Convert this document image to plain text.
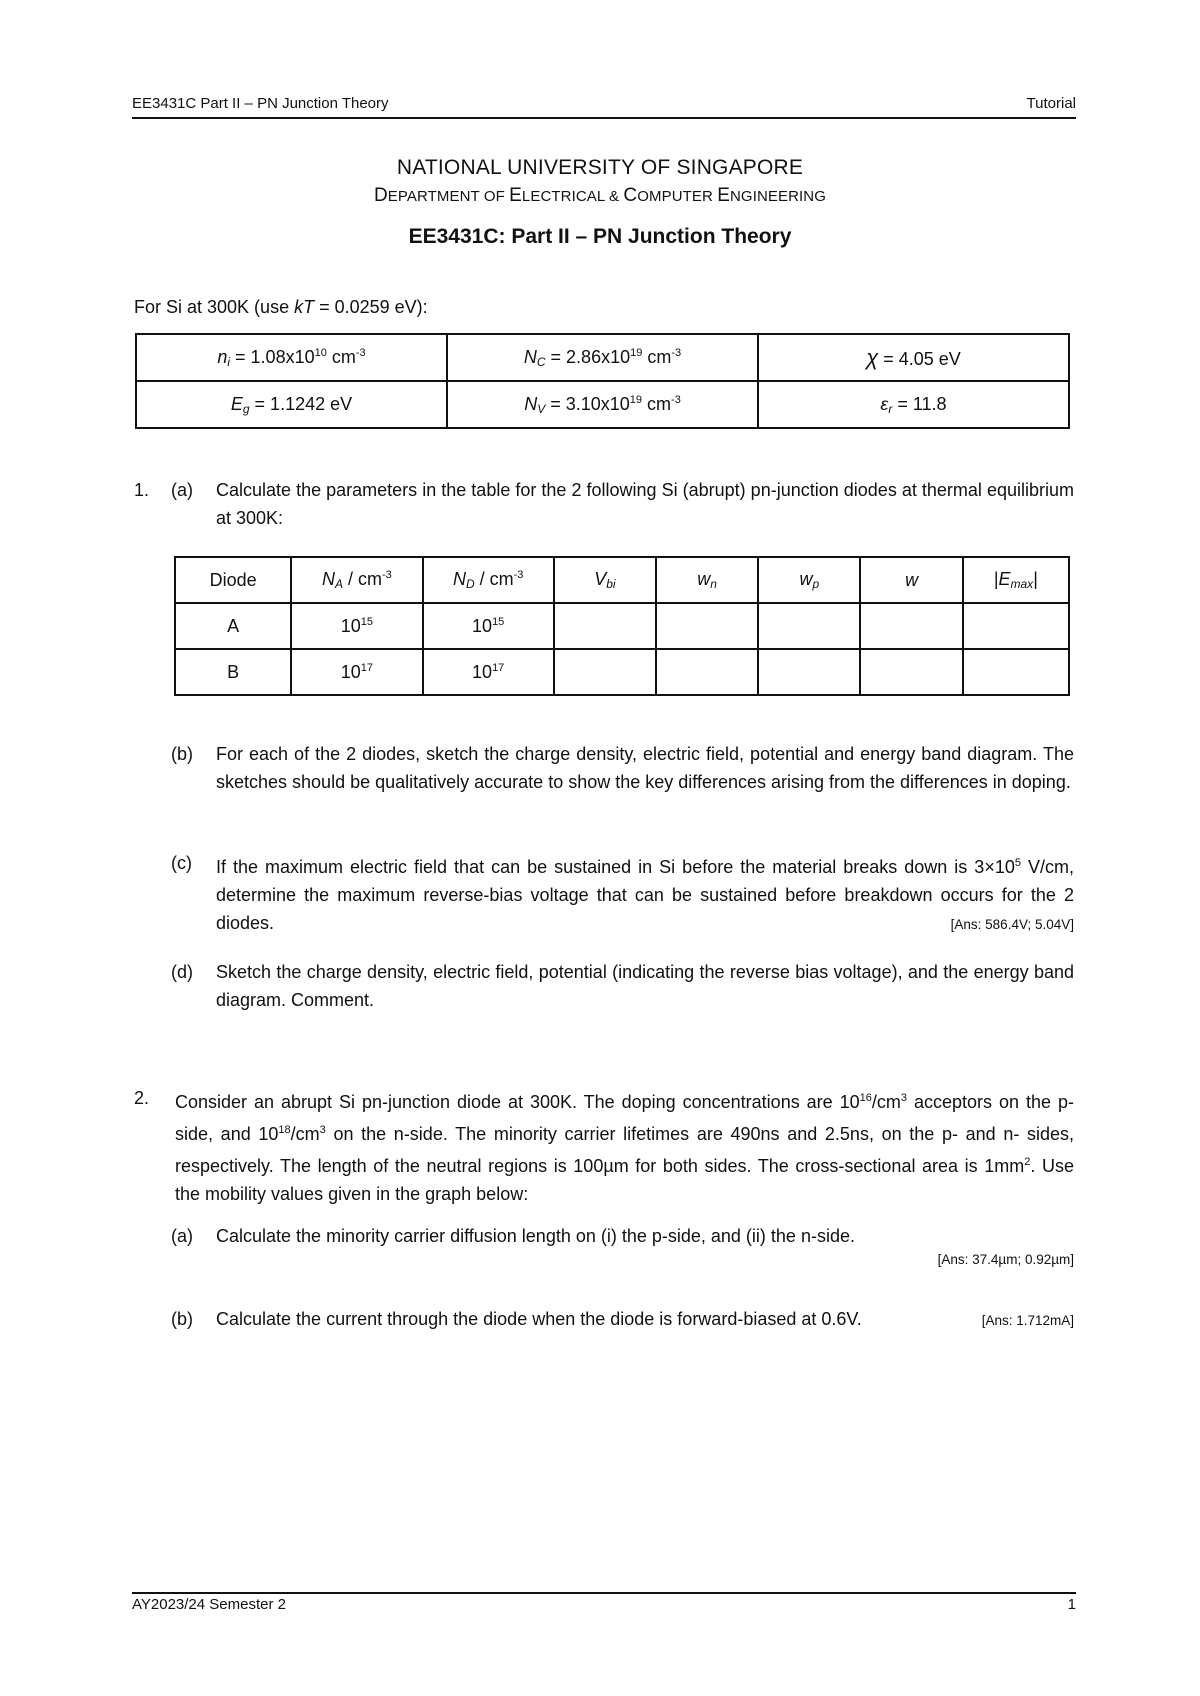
EE3431C Part II – PN Junction Theory	Tutorial
NATIONAL UNIVERSITY OF SINGAPORE
DEPARTMENT OF ELECTRICAL & COMPUTER ENGINEERING
EE3431C: Part II – PN Junction Theory
For Si at 300K (use kT = 0.0259 eV):
$n_i = 1.08x10^{10}$ $cm^{-3}$	$N_C = 2.86x10^{19}$ $cm^{-3}$	χ = 4.05 eV
$E_g = 1.1242$ eV	$N_V = 3.10x10^{19}$ $cm^{-3}$	$\varepsilon_r = 11.8$
1. (a) Calculate the parameters in the table for the 2 following Si (abrupt) pn-junction diodes at thermal equilibrium at 300K:
Diode	$N_A / cm^{-3}$	$N_D / cm^{-3}$	$V_{bi}$	$w_n$	$w_p$	w	$|E_{max}|$
A	$10^{15}$	$10^{15}$					
B	$10^{17}$	$10^{17}$					
(b) For each of the 2 diodes, sketch the charge density, electric field, potential and energy band diagram. The sketches should be qualitatively accurate to show the key differences arising from the differences in doping.
(c) If the maximum electric field that can be sustained in Si before the material breaks down is $3\times 10^5$ V/cm, determine the maximum reverse-bias voltage that can be sustained before breakdown occurs for the 2 diodes.	[Ans: 586.4V; 5.04V]
(d) Sketch the charge density, electric field, potential (indicating the reverse bias voltage), and the energy band diagram. Comment.
2. Consider an abrupt Si pn-junction diode at 300K. The doping concentrations are $10^{16}/cm^3$ acceptors on the p-side, and $10^{18}/cm^3$ on the n-side. The minority carrier lifetimes are 490ns and 2.5ns, on the p- and n- sides, respectively. The length of the neutral regions is 100µm for both sides. The cross-sectional area is $1mm^2$. Use the mobility values given in the graph below:
(a) Calculate the minority carrier diffusion length on (i) the p-side, and (ii) the n-side.
[Ans: 37.4µm; 0.92µm]
(b) Calculate the current through the diode when the diode is forward-biased at 0.6V.	[Ans: 1.712mA]
AY2023/24 Semester 2	1
